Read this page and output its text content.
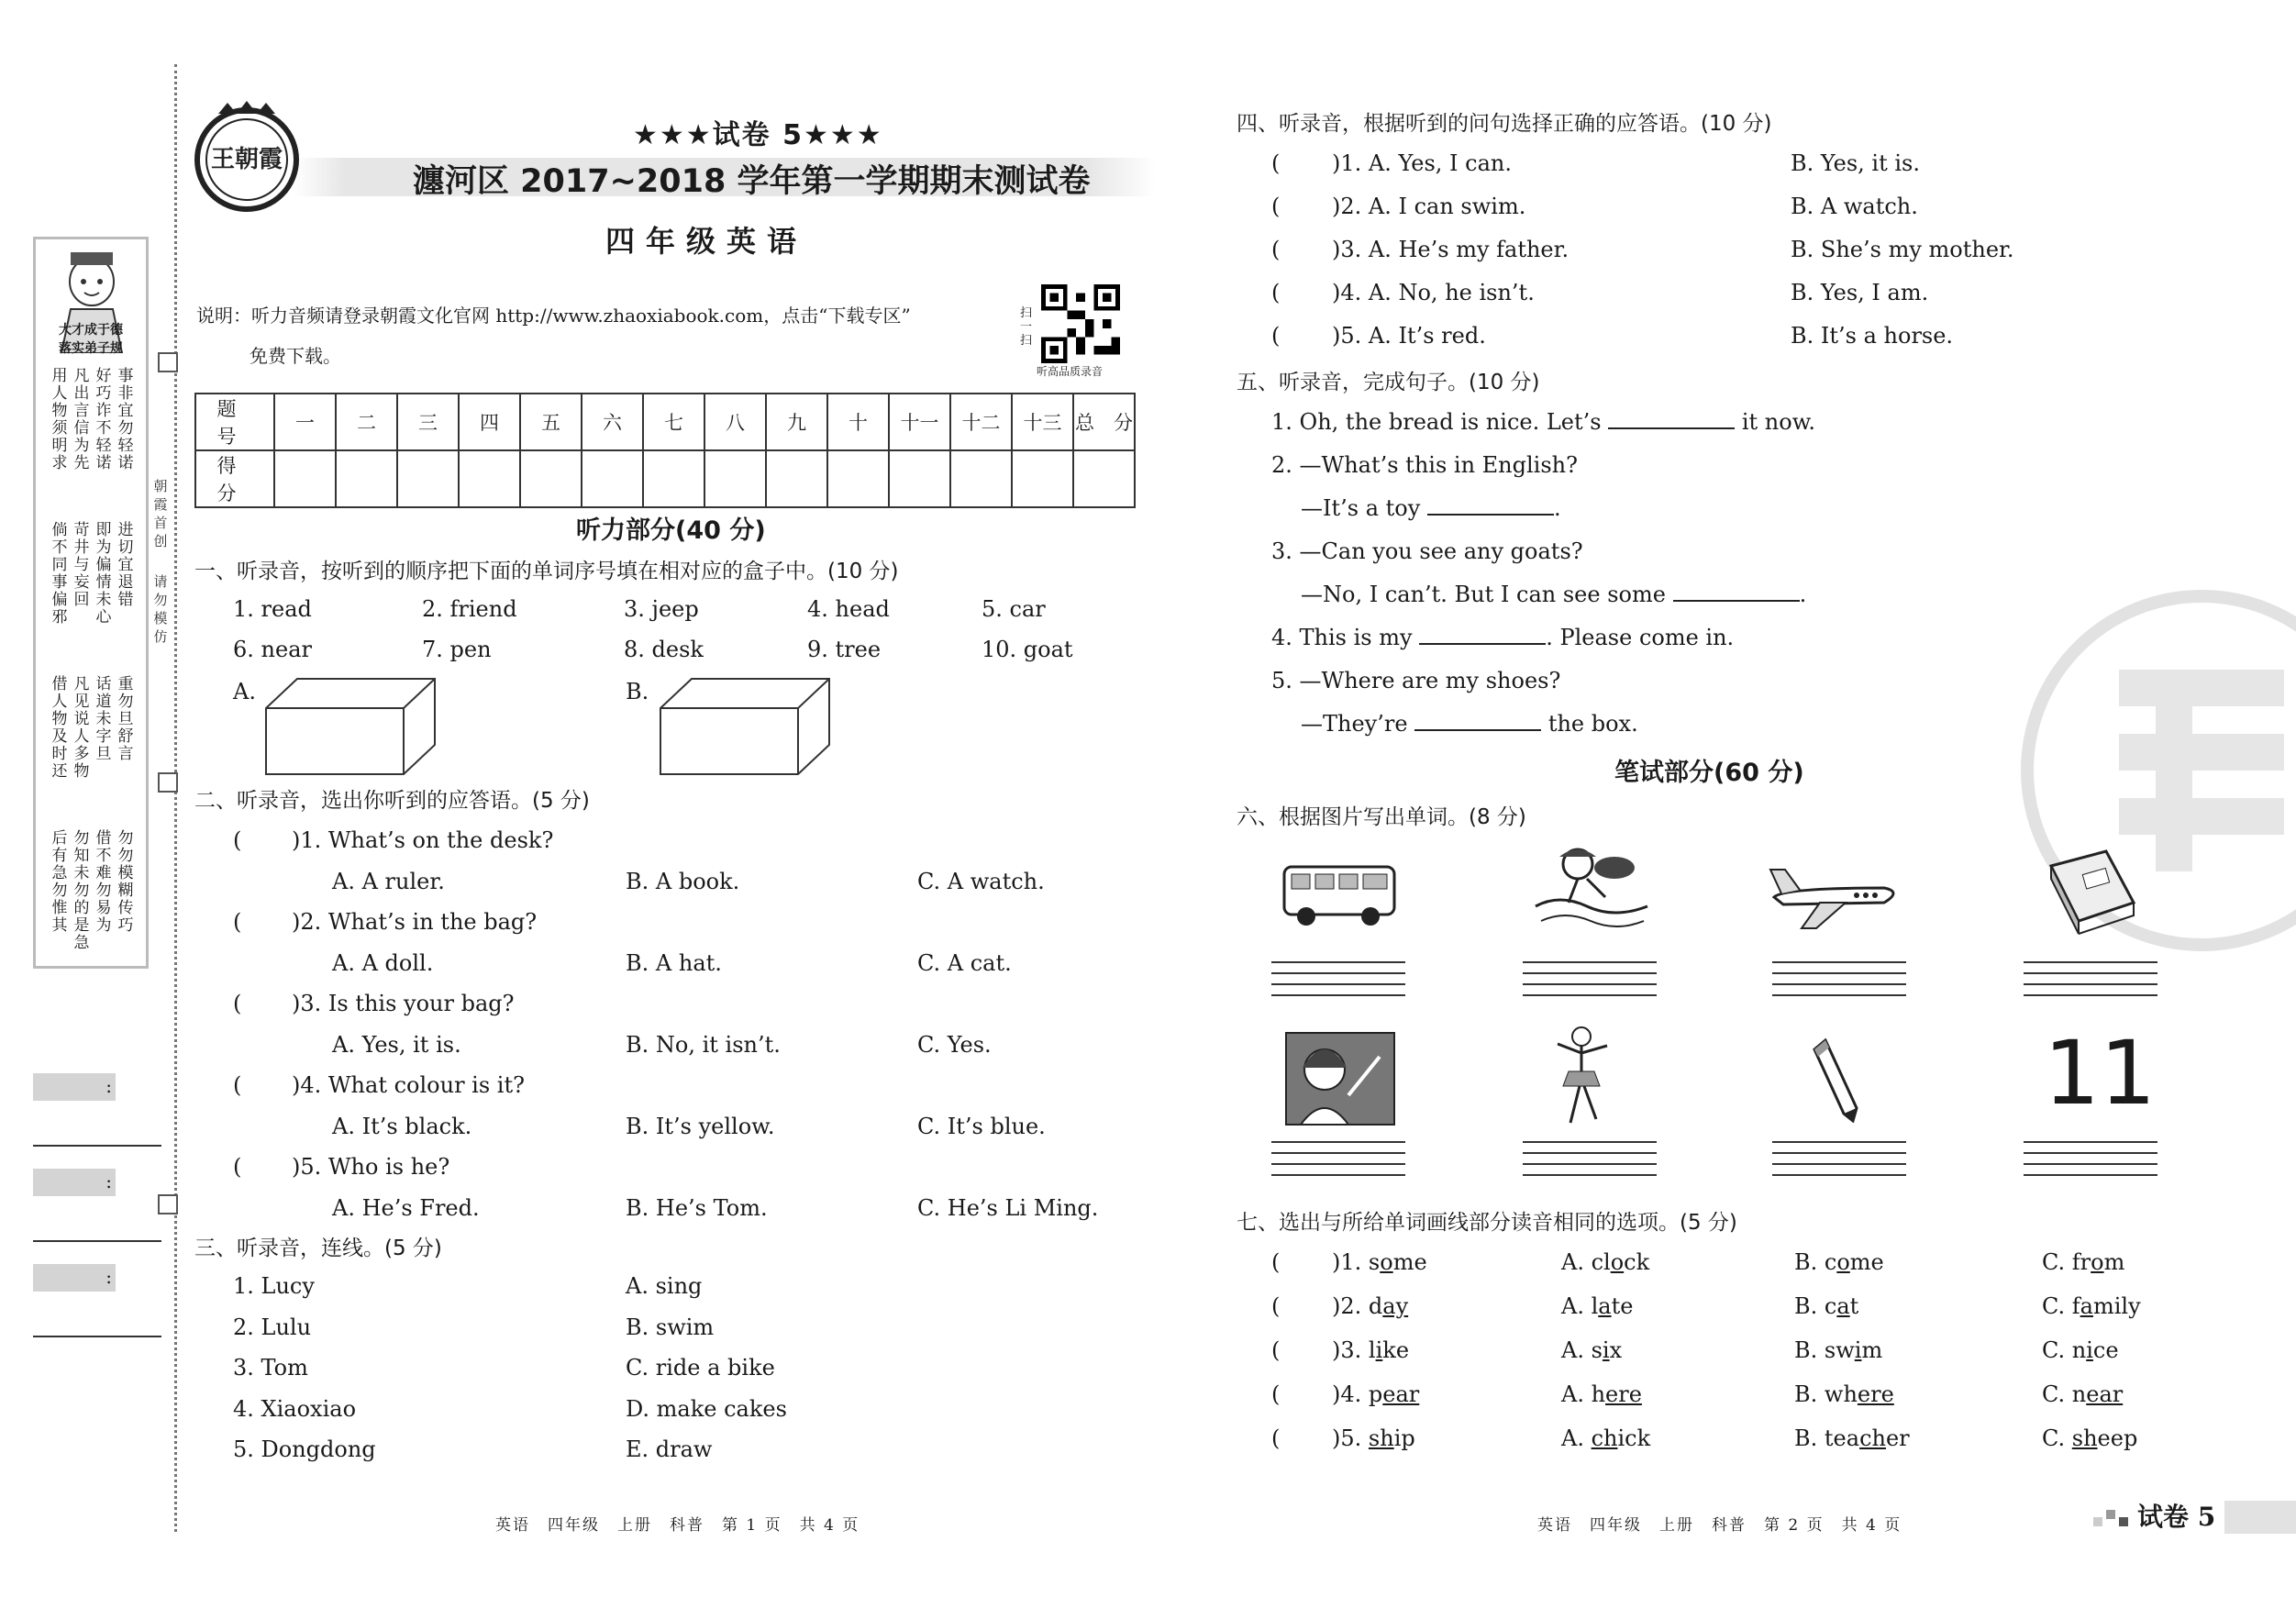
大才成于德
落实弟子规
用人物须明求
凡出言信为先
好巧诈不轻诺
事非宜勿轻诺
倘不同事偏邪
苛井与妄回
即为偏情未心
进切宜退错
借人物及时还
凡见说人多物
话道未字旦
重勿旦舒言
后有急勿惟其
勿知未勿的是急
借不难勿易为
勿勿模糊传巧
朝霞首创
请勿模仿
:
:
:
王朝霞
★★★试卷 5★★★
瀍河区 2017~2018 学年第一学期期末测试卷
四年级英语
说明：听力音频请登录朝霞文化官网 http://www.zhaoxiabook.com，点击“下载专区”
免费下载。
扫一扫
听高品质录音
题　号	一	二	三	四	五	六	七	八	九	十	十一	十二	十三	总　分
得　分														
听力部分(40 分)
一、听录音，按听到的顺序把下面的单词序号填在相对应的盒子中。(10 分)
1. read	2. friend	3. jeep	4. head	5. car
6. near	7. pen	8. desk	9. tree	10. goat
A.	B.
二、听录音，选出你听到的应答语。(5 分)
( )1. What’s on the desk?
A. A ruler.	B. A book.	C. A watch.
( )2. What’s in the bag?
A. A doll.	B. A hat.	C. A cat.
( )3. Is this your bag?
A. Yes, it is.	B. No, it isn’t.	C. Yes.
( )4. What colour is it?
A. It’s black.	B. It’s yellow.	C. It’s blue.
( )5. Who is he?
A. He’s Fred.	B. He’s Tom.	C. He’s Li Ming.
三、听录音，连线。(5 分)
1. Lucy
2. Lulu
3. Tom
4. Xiaoxiao
5. Dongdong
A. sing
B. swim
C. ride a bike
D. make cakes
E. draw
英语　四年级　上册　科普　第 1 页　共 4 页
四、听录音，根据听到的问句选择正确的应答语。(10 分)
( )1. A. Yes, I can.	B. Yes, it is.
( )2. A. I can swim.	B. A watch.
( )3. A. He’s my father.	B. She’s my mother.
( )4. A. No, he isn’t.	B. Yes, I am.
( )5. A. It’s red.	B. It’s a horse.
五、听录音，完成句子。(10 分)
1. Oh, the bread is nice. Let’s	it now.
2. —What’s this in English?
—It’s a toy	.
3. —Can you see any goats?
—No, I can’t. But I can see some	.
4. This is my	. Please come in.
5. —Where are my shoes?
—They’re	the box.
笔试部分(60 分)
六、根据图片写出单词。(8 分)
11
七、选出与所给单词画线部分读音相同的选项。(5 分)
( )1. some	A. clock	B. come	C. from
( )2. day	A. late	B. cat	C. family
( )3. like	A. six	B. swim	C. nice
( )4. pear	A. here	B. where	C. near
( )5. ship	A. chick	B. teacher	C. sheep
英语　四年级　上册　科普　第 2 页　共 4 页	试卷 5
